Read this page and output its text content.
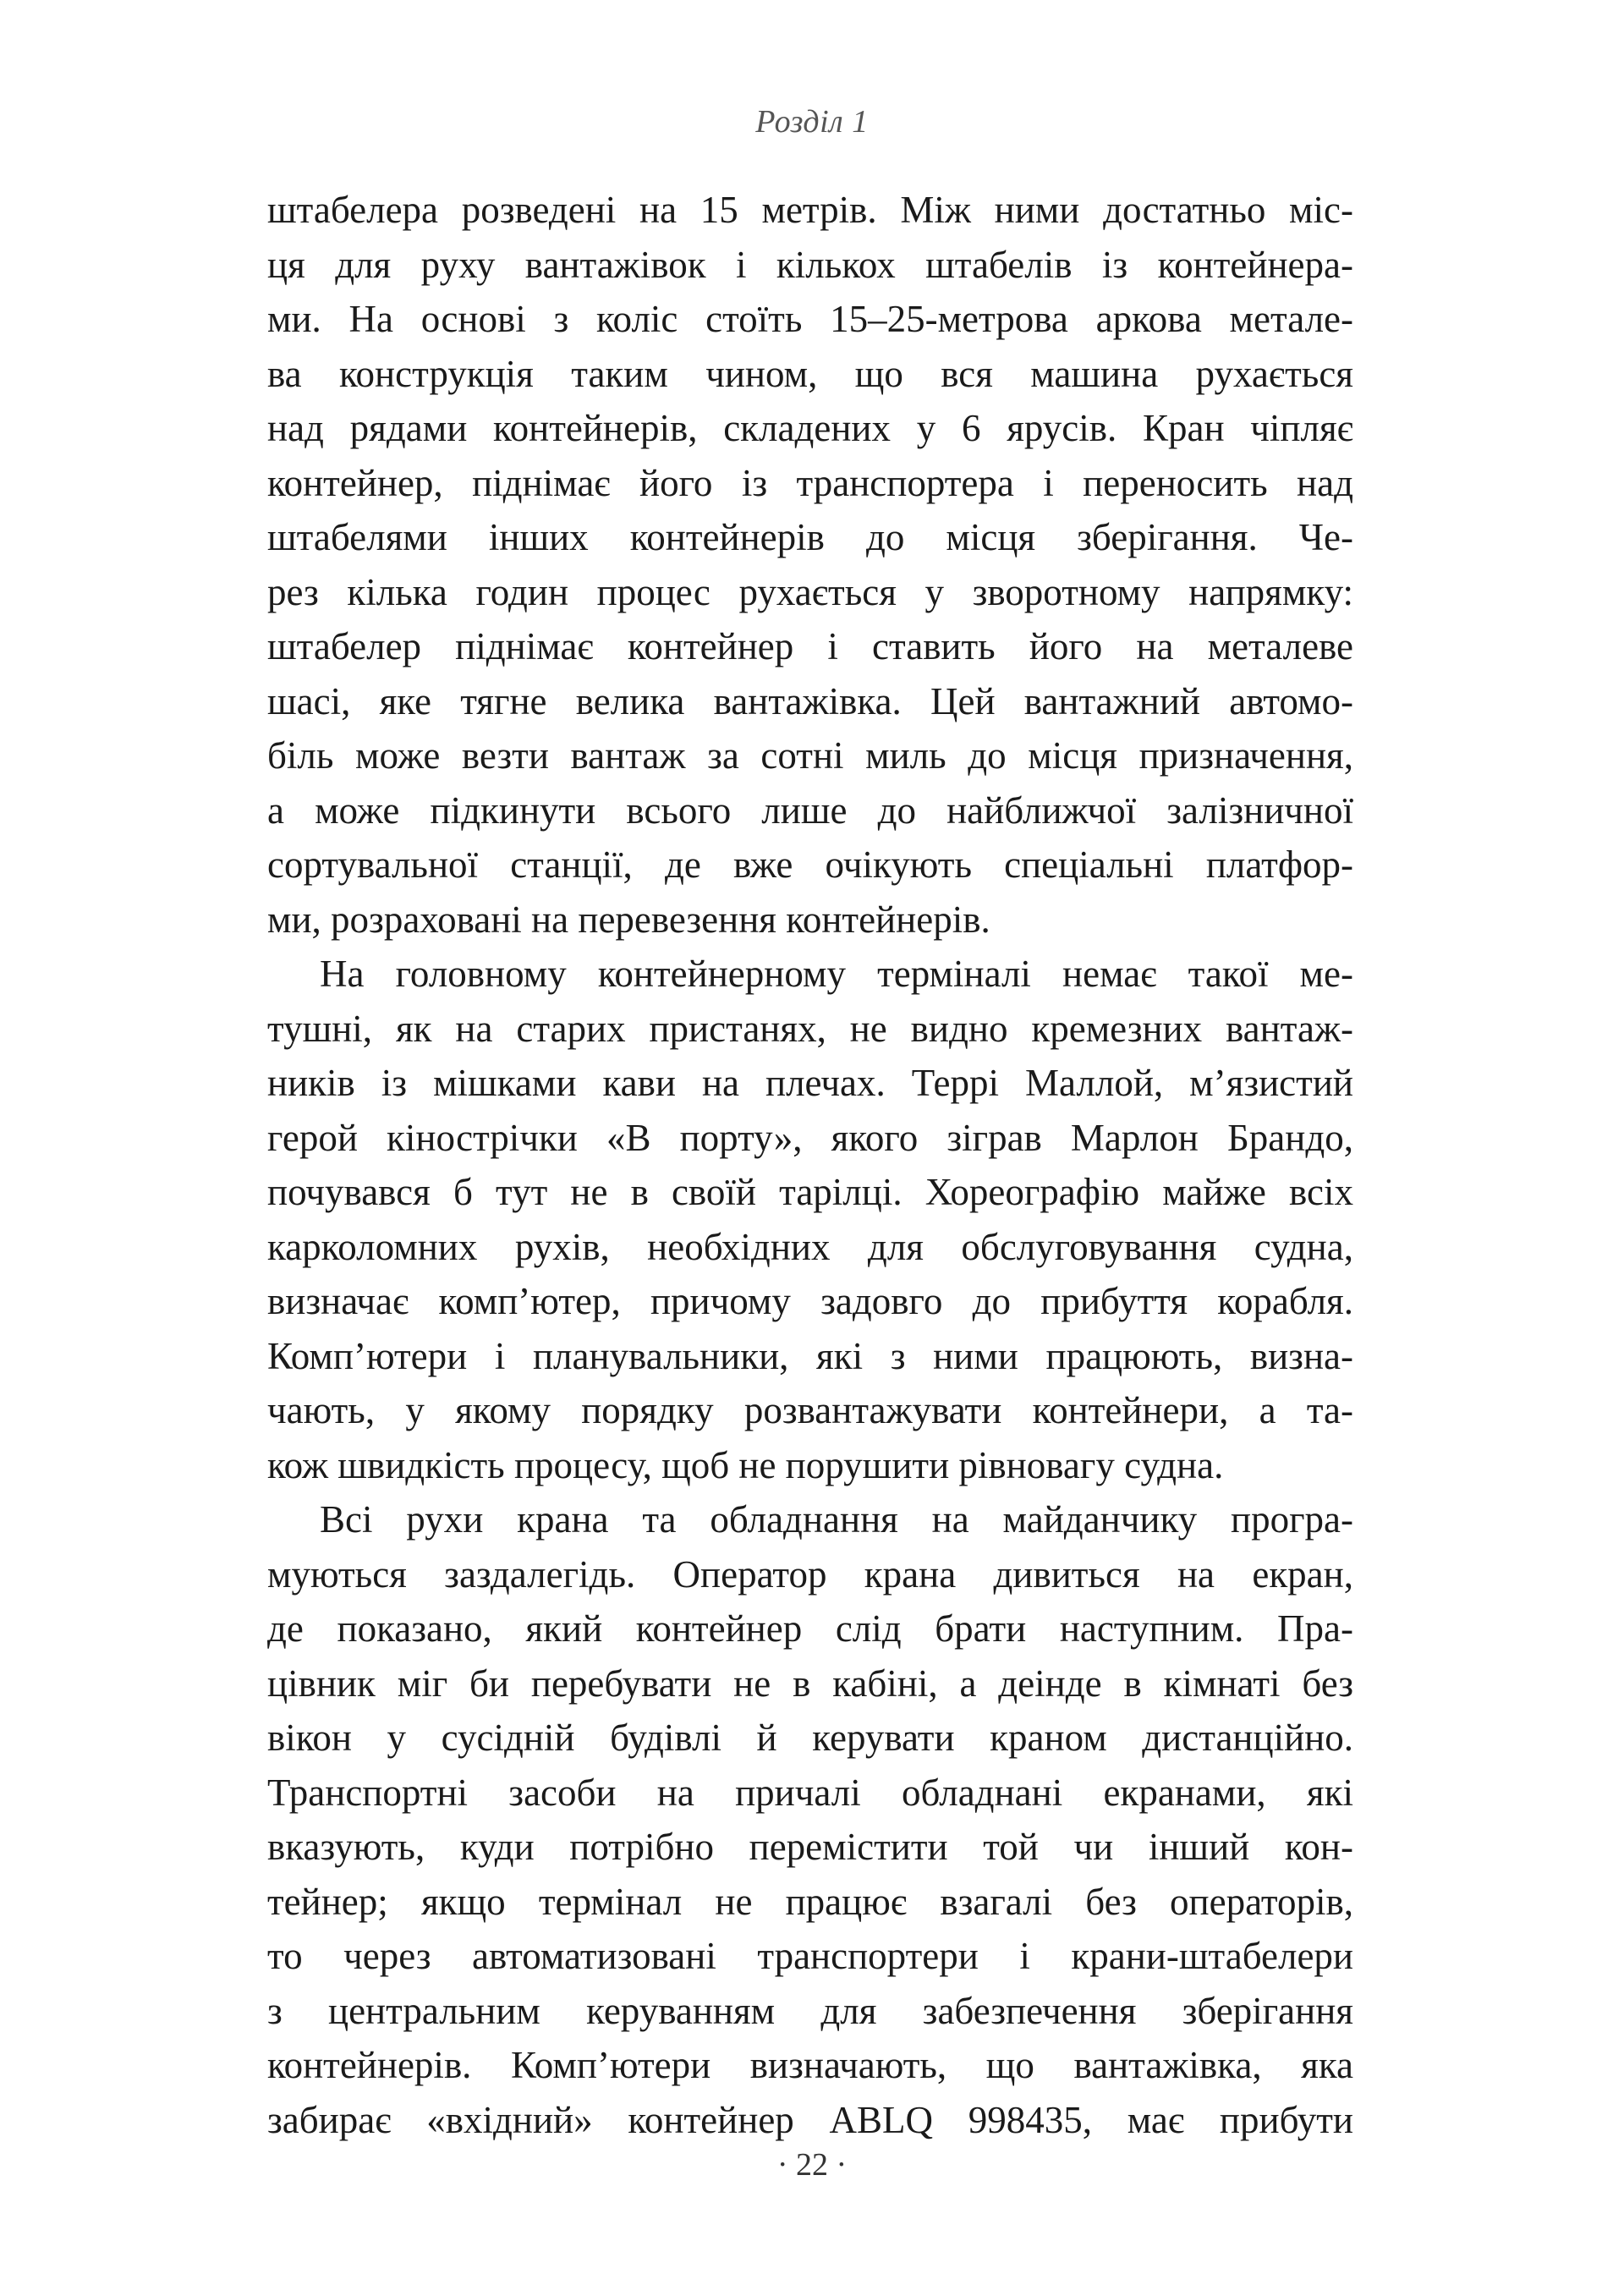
Розділ 1
штабелера розведені на 15 метрів. Між ними достатньо міс-
ця для руху вантажівок і кількох штабелів із контейнера-
ми. На основі з коліс стоїть 15–25-метрова аркова металe-
ва конструкція таким чином, що вся машина рухається
над рядами контейнерів, складених у 6 ярусів. Кран чіпляє
контейнер, піднімає його із транспортера і переносить над
штабелями інших контейнерів до місця зберігання. Че-
рез кілька годин процес рухається у зворотному напрямку:
штабелер піднімає контейнер і ставить його на металеве
шасі, яке тягне велика вантажівка. Цей вантажний автомо-
біль може везти вантаж за сотні миль до місця призначення,
а може підкинути всього лише до найближчої залізничної
сортувальної станції, де вже очікують спеціальні платфор-
ми, розраховані на перевезення контейнерів.
На головному контейнерному терміналі немає такої ме-
тушні, як на старих пристанях, не видно кремезних вантаж-
ників із мішками кави на плечах. Террі Маллой, м’язистий
герой кінострічки «В порту», якого зіграв Марлон Брандо,
почувався б тут не в своїй тарілці. Хореографію майже всіх
карколомних рухів, необхідних для обслуговування судна,
визначає комп’ютер, причому задовго до прибуття корабля.
Комп’ютери і планувальники, які з ними працюють, визна-
чають, у якому порядку розвантажувати контейнери, а та-
кож швидкість процесу, щоб не порушити рівновагу судна.
Всі рухи крана та обладнання на майданчику програ-
муються заздалегідь. Оператор крана дивиться на екран,
де показано, який контейнер слід брати наступним. Пра-
цівник міг би перебувати не в кабіні, а деінде в кімнаті без
вікон у сусідній будівлі й керувати краном дистанційно.
Транспортні засоби на причалі обладнані екранами, які
вказують, куди потрібно перемістити той чи інший кон-
тейнер; якщо термінал не працює взагалі без операторів,
то через автоматизовані транспортери і крани-штабелери
з центральним керуванням для забезпечення зберігання
контейнерів. Комп’ютери визначають, що вантажівка, яка
забирає «вхідний» контейнер ABLQ 998435, має прибути
· 22 ·
